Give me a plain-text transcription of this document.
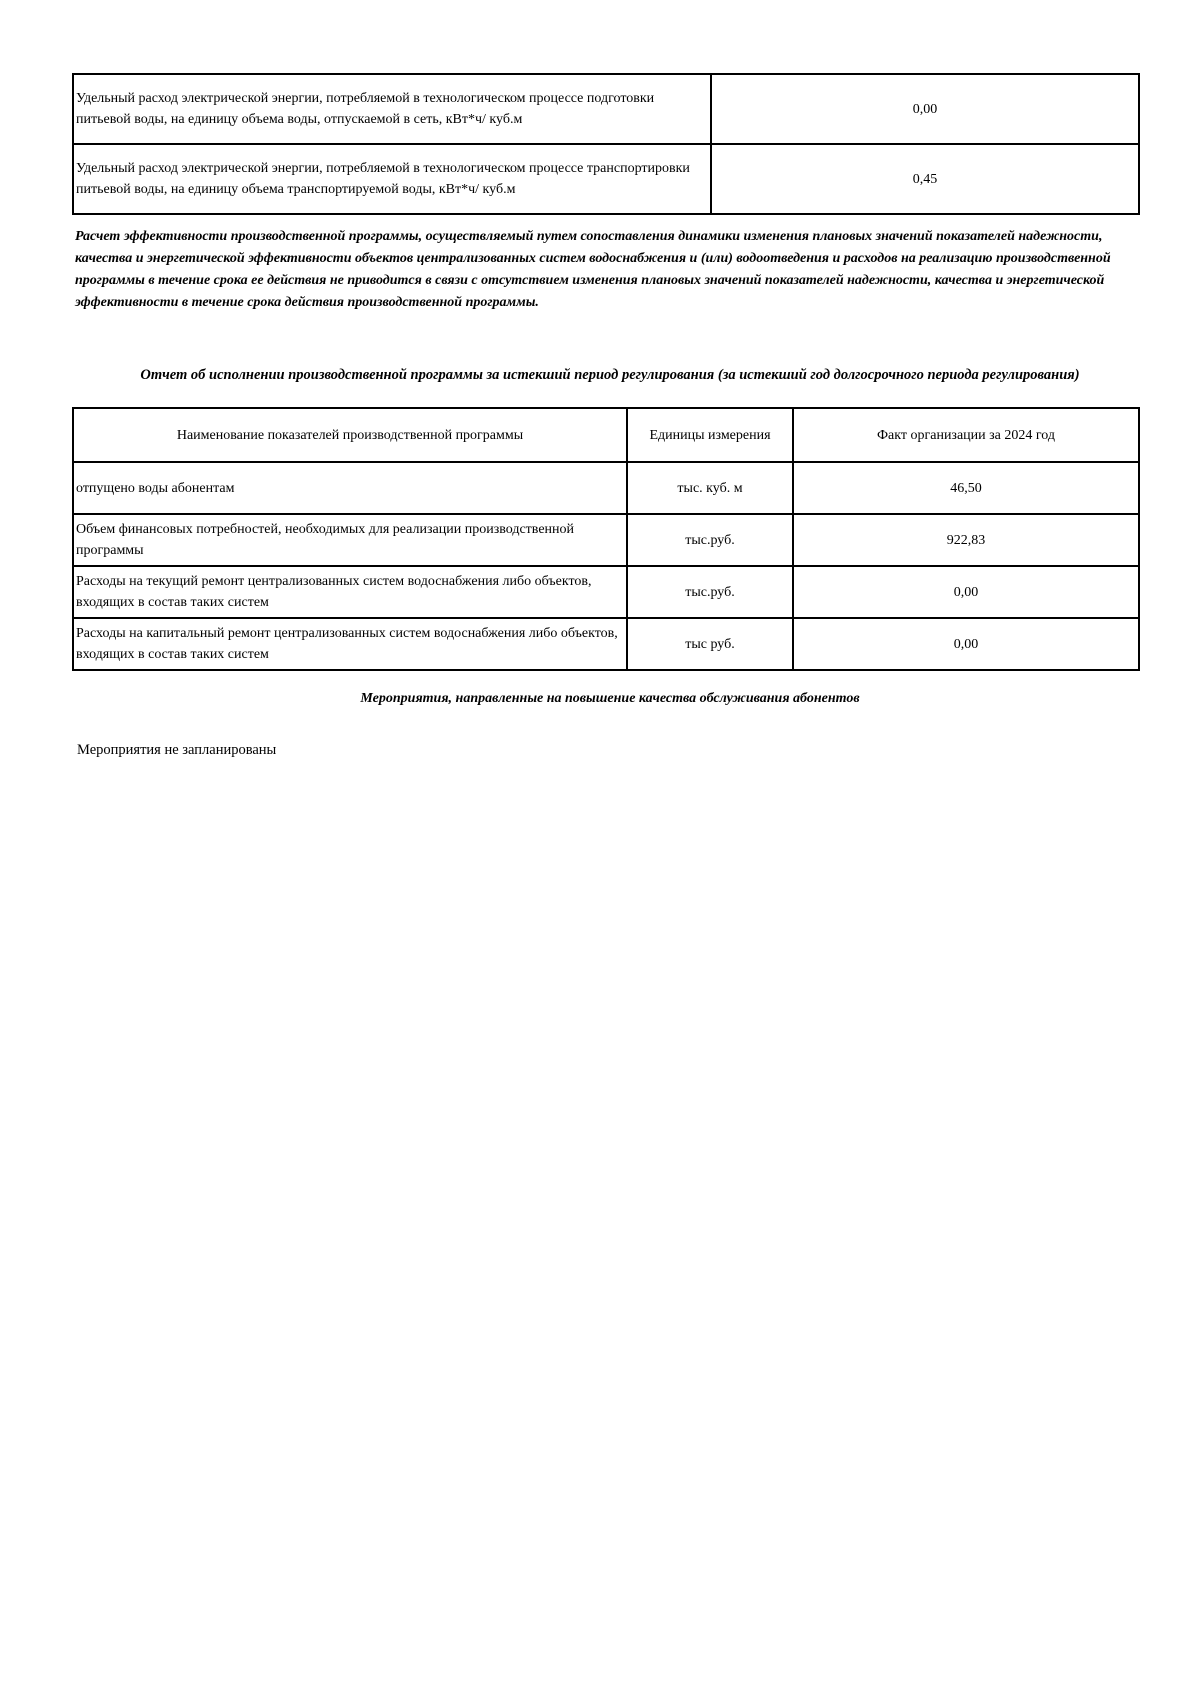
Удельный расход электрической энергии, потребляемой в технологическом процессе подготовки питьевой воды, на единицу объема воды, отпускаемой в сеть, кВт*ч/ куб.м	0,00
Удельный расход электрической энергии, потребляемой в технологическом процессе транспортировки питьевой воды, на единицу объема транспортируемой воды, кВт*ч/ куб.м	0,45
Расчет эффективности производственной программы, осуществляемый путем сопоставления динамики изменения плановых значений показателей надежности, качества и энергетической эффективности объектов централизованных систем водоснабжения и (или) водоотведения и расходов на реализацию производственной программы в течение срока ее действия не приводится в связи с отсутствием изменения плановых значений показателей надежности, качества и энергетической эффективности в течение срока действия производственной программы.
Отчет об исполнении производственной программы за истекший период регулирования (за истекший год долгосрочного периода регулирования)
Наименование показателей производственной программы	Единицы измерения	Факт организации за 2024 год
отпущено воды абонентам	тыс. куб. м	46,50
Объем финансовых потребностей, необходимых для реализации производственной программы	тыс.руб.	922,83
Расходы на текущий ремонт централизованных систем водоснабжения либо объектов, входящих в состав таких систем	тыс.руб.	0,00
Расходы на капитальный ремонт централизованных систем водоснабжения либо объектов, входящих в состав таких систем	тыс руб.	0,00
Мероприятия, направленные на повышение качества обслуживания абонентов
Мероприятия не запланированы
